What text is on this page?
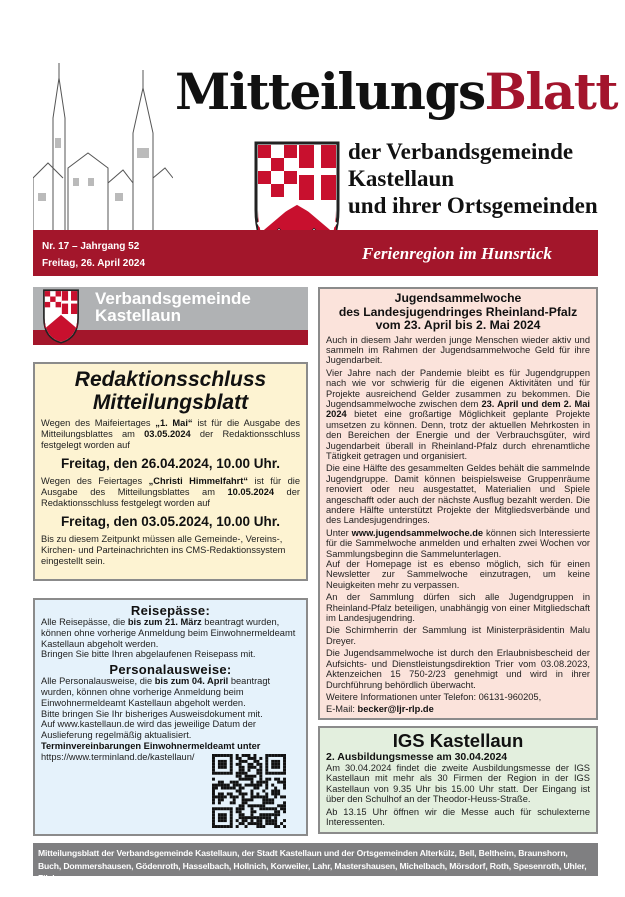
MitteilungsBlatt
der Verbandsgemeinde
Kastellaun
und ihrer Ortsgemeinden
Nr. 17 – Jahrgang 52
Freitag, 26. April 2024
Ferienregion im Hunsrück
Verbandsgemeinde
Kastellaun
Redaktionsschluss
Mitteilungsblatt

Wegen des Maifeiertages „1. Mai“ ist für die Ausgabe des Mitteilungsblattes am 03.05.2024 der Redaktionsschluss festgelegt worden auf

Freitag, den 26.04.2024, 10.00 Uhr.

Wegen des Feiertages „Christi Himmelfahrt“ ist für die Ausgabe des Mitteilungsblattes am 10.05.2024 der Redaktionsschluss festgelegt worden auf

Freitag, den 03.05.2024, 10.00 Uhr.

Bis zu diesem Zeitpunkt müssen alle Gemeinde-, Vereins-, Kirchen- und Parteinachrichten ins CMS-Redaktionssystem eingestellt sein.

Reisepässe:

Alle Reisepässe, die bis zum 21. März beantragt wurden, können ohne vorherige Anmeldung beim Einwohnermeldeamt Kastellaun abgeholt werden.

Bringen Sie bitte Ihren abgelaufenen Reisepass mit.

Personalausweise:

Alle Personalausweise, die bis zum 04. April beantragt wurden, können ohne vorherige Anmeldung beim Einwohnermeldeamt Kastellaun abgeholt werden.

Bitte bringen Sie Ihr bisheriges Ausweisdokument mit.

Auf www.kastellaun.de wird das jeweilige Datum der Auslieferung regelmäßig aktualisiert.

Terminvereinbarungen Einwohnermeldeamt unter

https://www.terminland.de/kastellaun/

Jugendsammelwoche
des Landesjugendringes Rheinland-Pfalz
vom 23. April bis 2. Mai 2024

Auch in diesem Jahr werden junge Menschen wieder aktiv und sammeln im Rahmen der Jugendsammelwoche Geld für ihre Jugendarbeit.

Vier Jahre nach der Pandemie bleibt es für Jugendgruppen nach wie vor schwierig für die eigenen Aktivitäten und für Projekte ausreichend Gelder zusammen zu bekommen. Die Jugendsammelwoche zwischen dem 23. April und dem 2. Mai 2024 bietet eine großartige Möglichkeit geplante Projekte umsetzen zu können. Denn, trotz der aktuellen Mehrkosten in den Bereichen der Energie und der Verbrauchsgüter, wird Jugendarbeit überall in Rheinland-Pfalz durch ehrenamtliche Tätigkeit getragen und organisiert.

Die eine Hälfte des gesammelten Geldes behält die sammelnde Jugendgruppe. Damit können beispielsweise Gruppenräume renoviert oder neu ausgestattet, Materialien und Spiele angeschafft oder auch der nächste Ausflug bezahlt werden. Die andere Hälfte unterstützt Projekte der Mitgliedsverbände und des Landesjugendringes.

Unter www.jugendsammelwoche.de können sich Interessierte für die Sammelwoche anmelden und erhalten zwei Wochen vor Sammlungsbeginn die Sammelunterlagen.

Auf der Homepage ist es ebenso möglich, sich für einen Newsletter zur Sammelwoche einzutragen, um keine Neuigkeiten mehr zu verpassen.

An der Sammlung dürfen sich alle Jugendgruppen in Rheinland-Pfalz beteiligen, unabhängig von einer Mitgliedschaft im Landesjugendring.

Die Schirmherrin der Sammlung ist Ministerpräsidentin Malu Dreyer.

Die Jugendsammelwoche ist durch den Erlaubnisbescheid der Aufsichts- und Dienstleistungsdirektion Trier vom 03.08.2023, Aktenzeichen 15 750-2/23 genehmigt und wird in ihrer Durchführung behördlich überwacht.

Weitere Informationen unter Telefon: 06131-960205,

E-Mail: becker@ljr-rlp.de

IGS Kastellaun
2. Ausbildungsmesse am 30.04.2024

Am 30.04.2024 findet die zweite Ausbildungsmesse der IGS Kastellaun mit mehr als 30 Firmen der Region in der IGS Kastellaun von 9.35 Uhr bis 15.00 Uhr statt. Der Eingang ist über den Schulhof an der Theodor-Heuss-Straße.

Ab 13.15 Uhr öffnen wir die Messe auch für schulexterne Interessenten.

Mitteilungsblatt der Verbandsgemeinde Kastellaun, der Stadt Kastellaun und der Ortsgemeinden Alterkülz, Bell, Beltheim, Braunshorn, Buch, Dommershausen, Gödenroth, Hasselbach, Hollnich, Korweiler, Lahr, Mastershausen, Michelbach, Mörsdorf, Roth, Spesenroth, Uhler, Zilshausen
